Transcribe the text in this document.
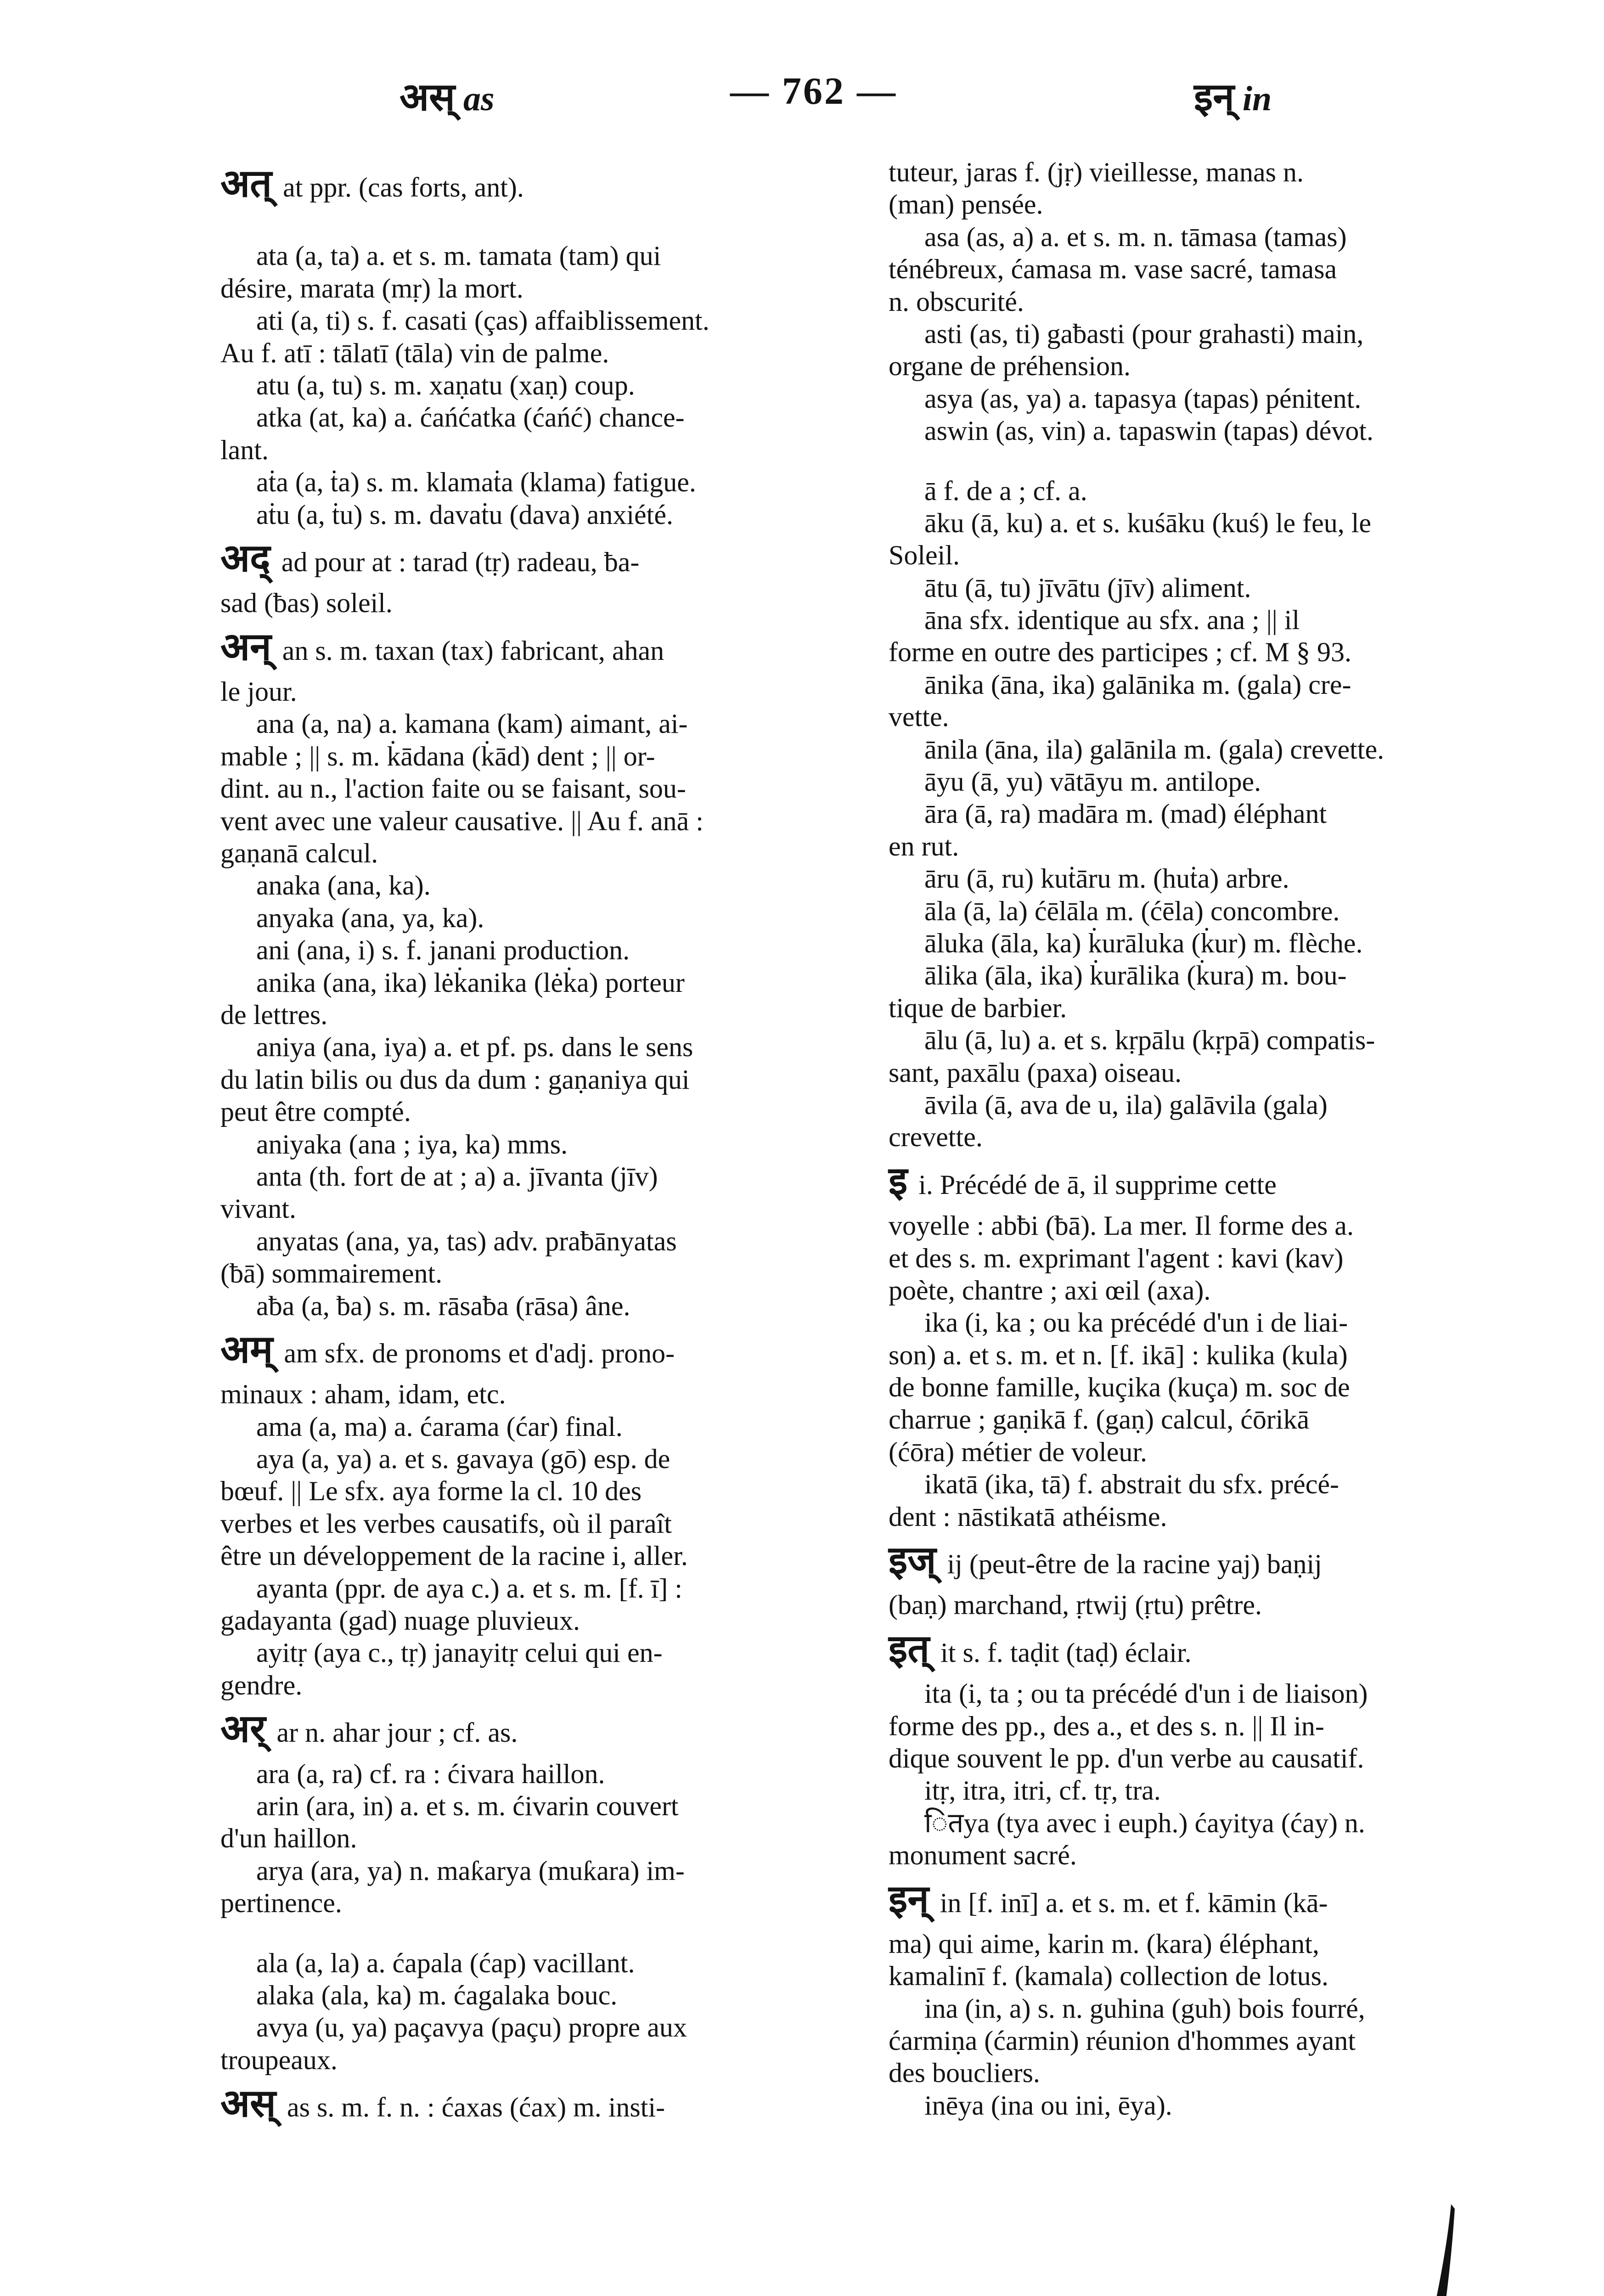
अस् as	— 762 —	इन् in
अत् at ppr. (cas forts, ant).
ata (a, ta) a. et s. m. tamata (tam) qui
désire, marata (mṛ) la mort.
ati (a, ti) s. f. casati (ças) affaiblissement.
Au f. atī : tālatī (tāla) vin de palme.
atu (a, tu) s. m. xaṇatu (xaṇ) coup.
atka (at, ka) a. ćańćatka (ćańć) chance-
lant.
aṫa (a, ṫa) s. m. klamaṫa (klama) fatigue.
aṫu (a, ṫu) s. m. davaṫu (dava) anxiété.
अद् ad pour at : tarad (tṛ) radeau, ƀa-
sad (ƀas) soleil.
अन् an s. m. taxan (tax) fabricant, ahan
le jour.
ana (a, na) a. kamana (kam) aimant, ai-
mable ; || s. m. k̇ādana (k̇ād) dent ; || or-
dint. au n., l'action faite ou se faisant, sou-
vent avec une valeur causative. || Au f. anā :
gaṇanā calcul.
anaka (ana, ka).
anyaka (ana, ya, ka).
ani (ana, i) s. f. janani production.
anika (ana, ika) lėk̇anika (lėk̇a) porteur
de lettres.
aniya (ana, iya) a. et pf. ps. dans le sens
du latin bilis ou dus da dum : gaṇaniya qui
peut être compté.
aniyaka (ana ; iya, ka) mms.
anta (th. fort de at ; a) a. jīvanta (jīv)
vivant.
anyatas (ana, ya, tas) adv. praƀānyatas
(ƀā) sommairement.
aƀa (a, ƀa) s. m. rāsaƀa (rāsa) âne.
अम् am sfx. de pronoms et d'adj. prono-
minaux : aham, idam, etc.
ama (a, ma) a. ćarama (ćar) final.
aya (a, ya) a. et s. gavaya (gō) esp. de
bœuf. || Le sfx. aya forme la cl. 10 des
verbes et les verbes causatifs, où il paraît
être un développement de la racine i, aller.
ayanta (ppr. de aya c.) a. et s. m. [f. ī] :
gadayanta (gad) nuage pluvieux.
ayitṛ (aya c., tṛ) janayitṛ celui qui en-
gendre.
अर् ar n. ahar jour ; cf. as.
ara (a, ra) cf. ra : ćivara haillon.
arin (ara, in) a. et s. m. ćivarin couvert
d'un haillon.
arya (ara, ya) n. maƙarya (muƙara) im-
pertinence.
ala (a, la) a. ćapala (ćap) vacillant.
alaka (ala, ka) m. ćagalaka bouc.
avya (u, ya) paçavya (paçu) propre aux
troupeaux.
अस् as s. m. f. n. : ćaxas (ćax) m. insti-
tuteur, jaras f. (jṛ) vieillesse, manas n.
(man) pensée.
asa (as, a) a. et s. m. n. tāmasa (tamas)
ténébreux, ćamasa m. vase sacré, tamasa
n. obscurité.
asti (as, ti) gaƀasti (pour grahasti) main,
organe de préhension.
asya (as, ya) a. tapasya (tapas) pénitent.
aswin (as, vin) a. tapaswin (tapas) dévot.
ā f. de a ; cf. a.
āku (ā, ku) a. et s. kuśāku (kuś) le feu, le
Soleil.
ātu (ā, tu) jīvātu (jīv) aliment.
āna sfx. identique au sfx. ana ; || il
forme en outre des participes ; cf. M § 93.
ānika (āna, ika) galānika m. (gala) cre-
vette.
ānila (āna, ila) galānila m. (gala) crevette.
āyu (ā, yu) vātāyu m. antilope.
āra (ā, ra) madāra m. (mad) éléphant
en rut.
āru (ā, ru) kuṫāru m. (huṫa) arbre.
āla (ā, la) ćēlāla m. (ćēla) concombre.
āluka (āla, ka) k̇urāluka (k̇ur) m. flèche.
ālika (āla, ika) k̇urālika (k̇ura) m. bou-
tique de barbier.
ālu (ā, lu) a. et s. kṛpālu (kṛpā) compatis-
sant, paxālu (paxa) oiseau.
āvila (ā, ava de u, ila) galāvila (gala)
crevette.
इ i. Précédé de ā, il supprime cette
voyelle : abƀi (ƀā). La mer. Il forme des a.
et des s. m. exprimant l'agent : kavi (kav)
poète, chantre ; axi œil (axa).
ika (i, ka ; ou ka précédé d'un i de liai-
son) a. et s. m. et n. [f. ikā] : kulika (kula)
de bonne famille, kuçika (kuça) m. soc de
charrue ; gaṇikā f. (gaṇ) calcul, ćōrikā
(ćōra) métier de voleur.
ikatā (ika, tā) f. abstrait du sfx. précé-
dent : nāstikatā athéisme.
इज् ij (peut-être de la racine yaj) baṇij
(baṇ) marchand, ṛtwij (ṛtu) prêtre.
इत् it s. f. taḍit (taḍ) éclair.
ita (i, ta ; ou ta précédé d'un i de liaison)
forme des pp., des a., et des s. n. || Il in-
dique souvent le pp. d'un verbe au causatif.
itṛ, itra, itri, cf. tṛ, tra.
ितya (tya avec i euph.) ćayitya (ćay) n.
monument sacré.
इन् in [f. inī] a. et s. m. et f. kāmin (kā-
ma) qui aime, karin m. (kara) éléphant,
kamalinī f. (kamala) collection de lotus.
ina (in, a) s. n. guhina (guh) bois fourré,
ćarmiṇa (ćarmin) réunion d'hommes ayant
des boucliers.
inēya (ina ou ini, ēya).
